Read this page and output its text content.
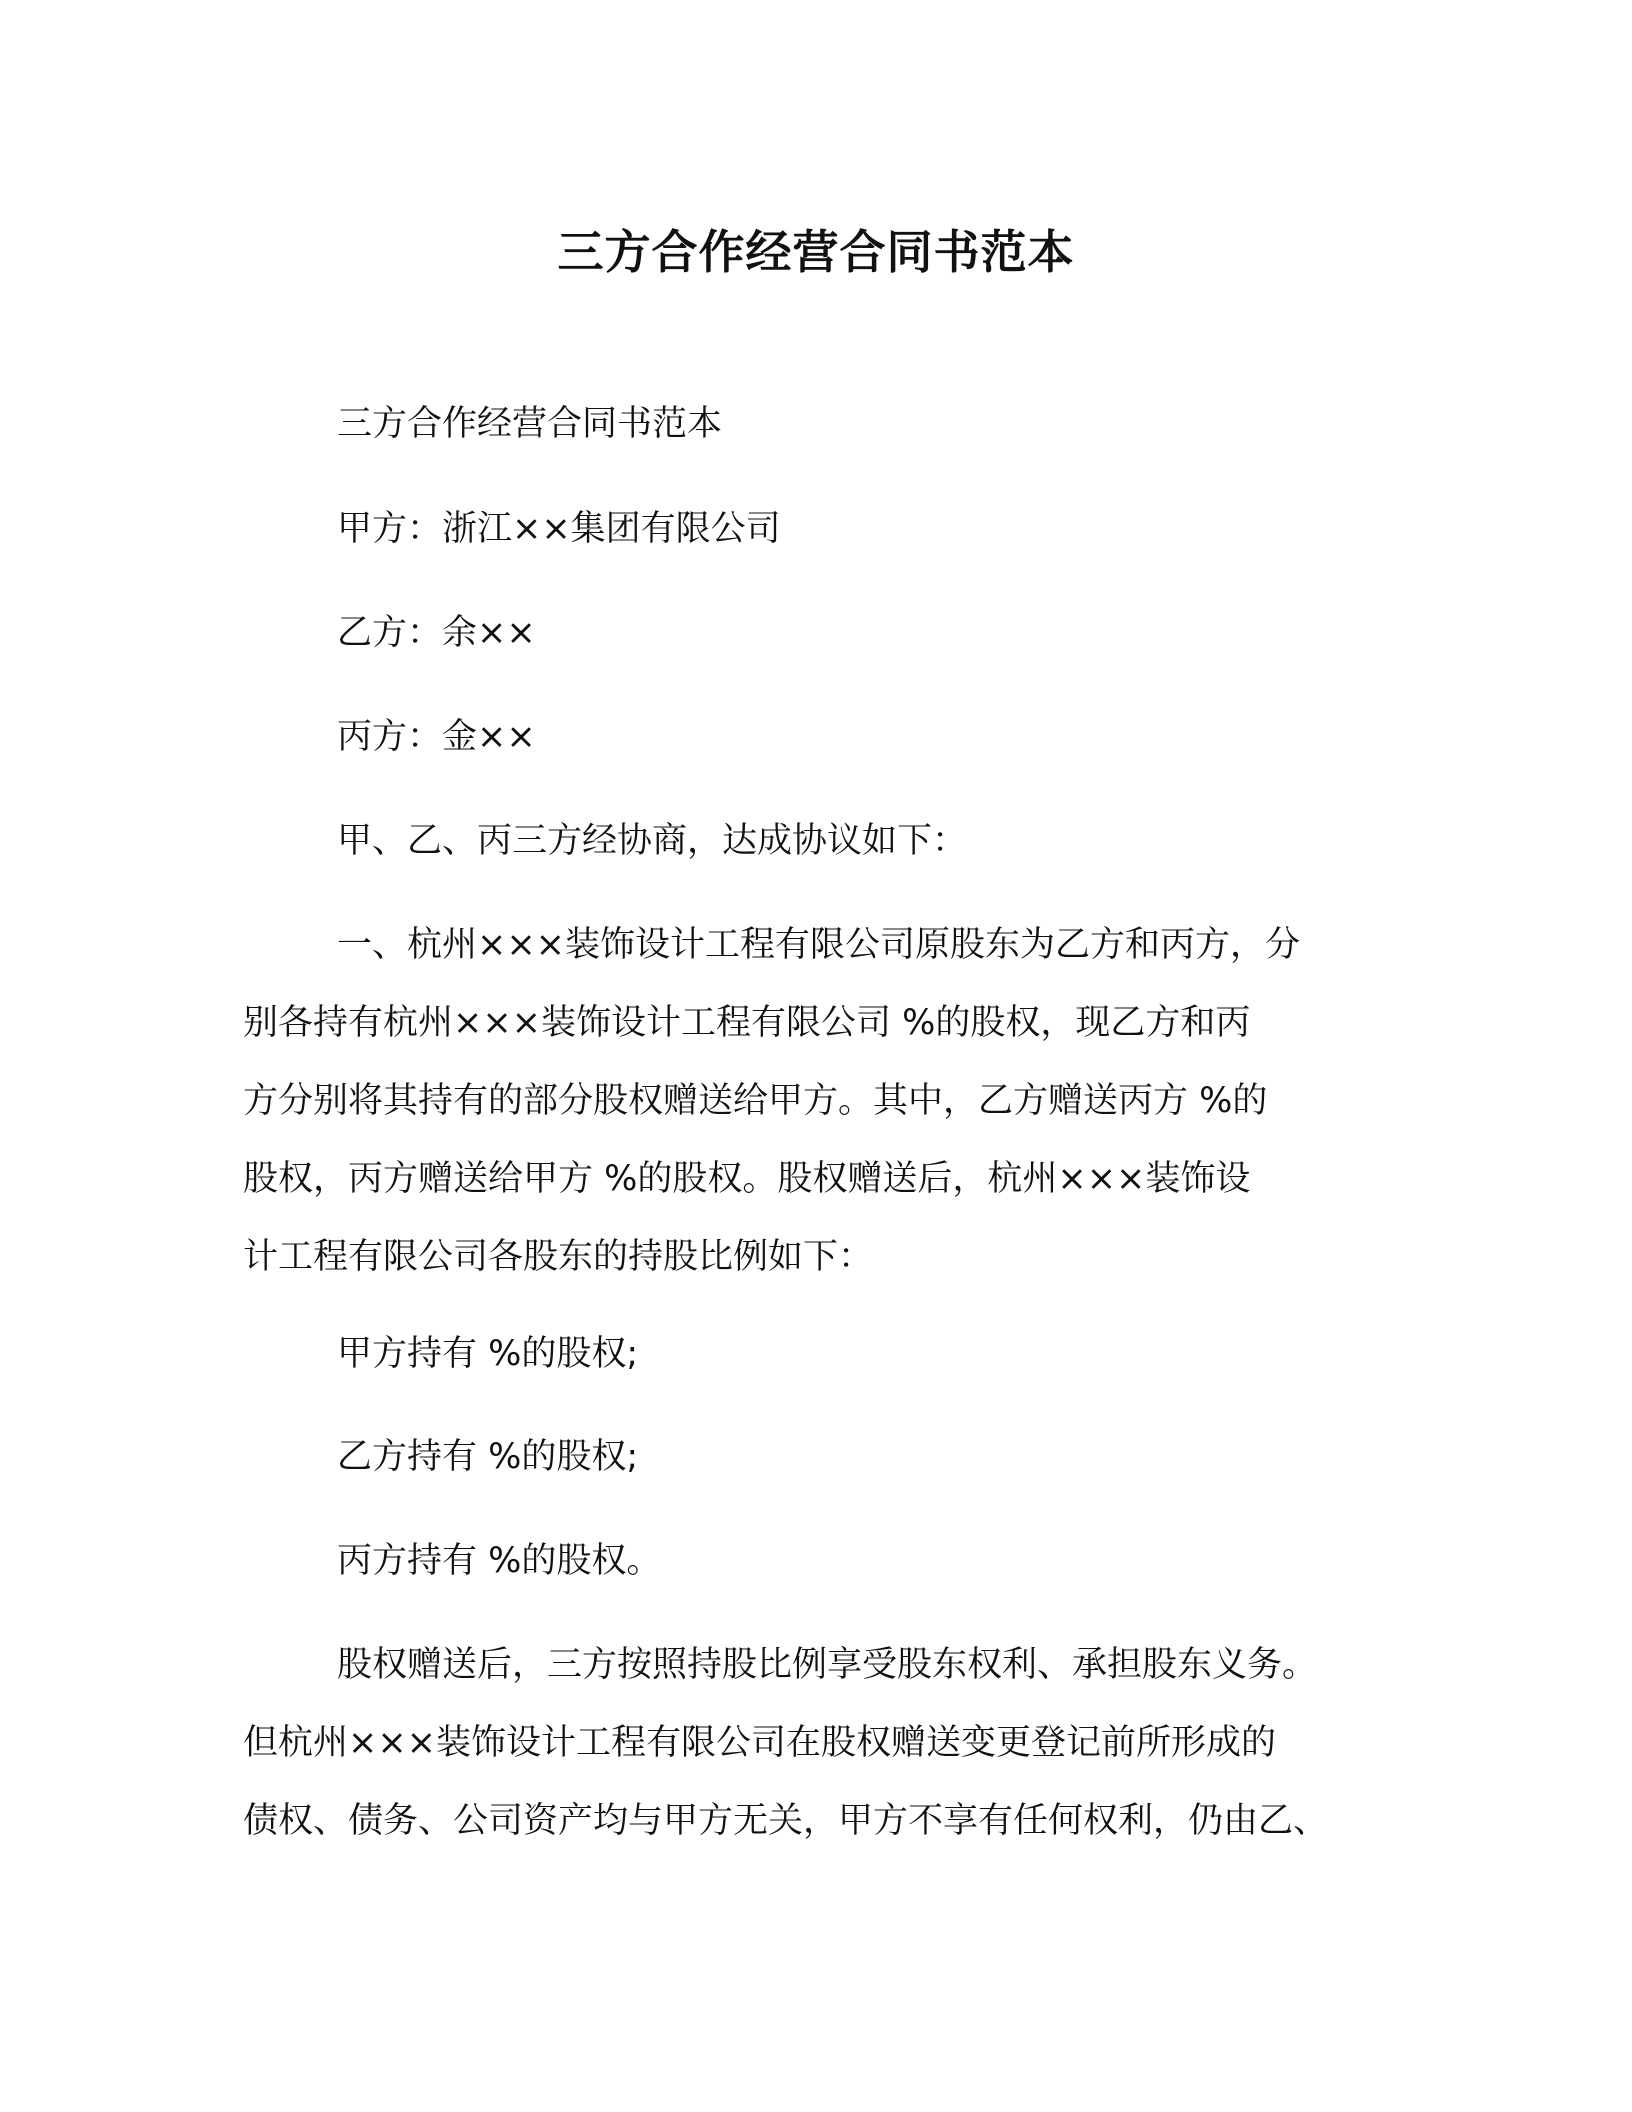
三方合作经营合同书范本
三方合作经营合同书范本
甲方：浙江××集团有限公司
乙方：余××
丙方：金××
甲、乙、丙三方经协商，达成协议如下：
一、杭州×××装饰设计工程有限公司原股东为乙方和丙方，分
别各持有杭州×××装饰设计工程有限公司 %的股权，现乙方和丙
方分别将其持有的部分股权赠送给甲方。其中，乙方赠送丙方 %的
股权，丙方赠送给甲方 %的股权。股权赠送后，杭州×××装饰设
计工程有限公司各股东的持股比例如下：
甲方持有 %的股权;
乙方持有 %的股权;
丙方持有 %的股权。
股权赠送后，三方按照持股比例享受股东权利、承担股东义务。
但杭州×××装饰设计工程有限公司在股权赠送变更登记前所形成的
债权、债务、公司资产均与甲方无关，甲方不享有任何权利，仍由乙、
